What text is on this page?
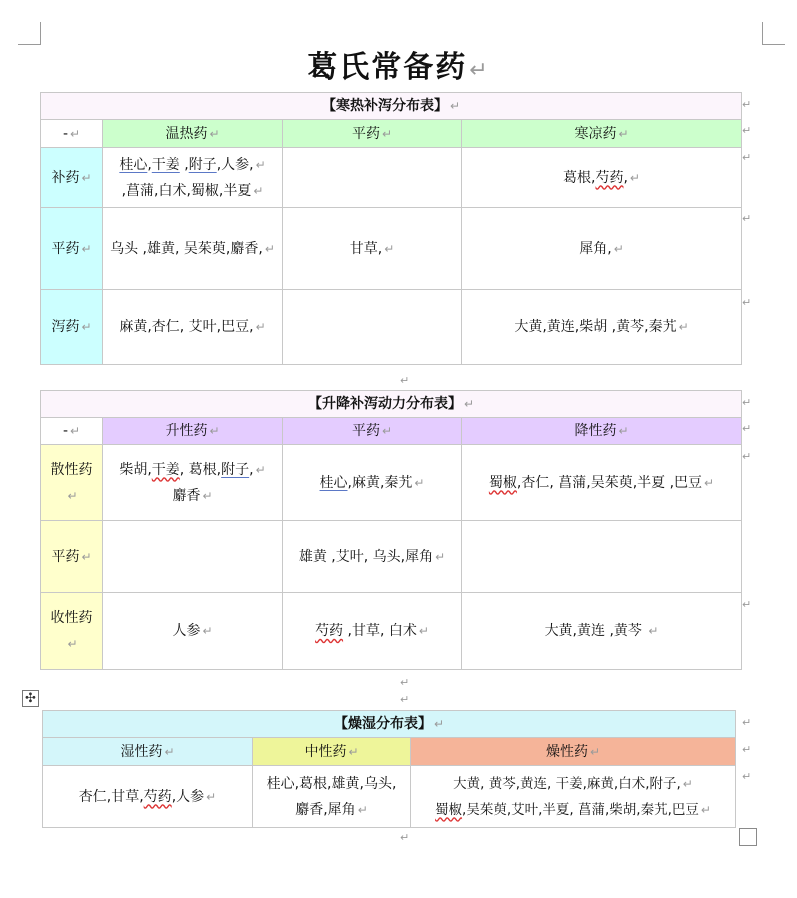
葛氏常备药↵
【寒热补泻分布表】 ↵			
- ↵	温热药 ↵	平药 ↵	寒凉药 ↵
补药 ↵	桂心,干姜 ,附子,人参, ↵
,菖蒲,白术,蜀椒,半夏 ↵		葛根,芍药, ↵
平药 ↵	乌头 ,雄黄, 吴茱萸,麝香, ↵	甘草, ↵	犀角, ↵
泻药 ↵	麻黄,杏仁, 艾叶,巴豆, ↵		大黄,黄连,柴胡 ,黄芩,秦艽 ↵
↵
↵
↵
↵
↵
↵
【升降补泻动力分布表】 ↵			
- ↵	升性药 ↵	平药 ↵	降性药 ↵
散性药↵	柴胡,干姜, 葛根,附子, ↵
麝香 ↵	桂心,麻黄,秦艽 ↵	蜀椒,杏仁, 菖蒲,吴茱萸,半夏 ,巴豆 ↵
平药 ↵		雄黄 ,艾叶, 乌头,犀角 ↵	
收性药↵	人参 ↵	芍药 ,甘草, 白术 ↵	大黄,黄连 ,黄芩 ↵
↵
↵
↵
↵
↵
↵
✣
【燥湿分布表】 ↵		
湿性药 ↵	中性药 ↵	燥性药 ↵
杏仁,甘草,芍药,人参 ↵	桂心,葛根,雄黄,乌头,
麝香,犀角 ↵	大黄, 黄芩,黄连, 干姜,麻黄,白术,附子, ↵
蜀椒,吴茱萸,艾叶,半夏, 菖蒲,柴胡,秦艽,巴豆 ↵
↵
↵
↵
↵
